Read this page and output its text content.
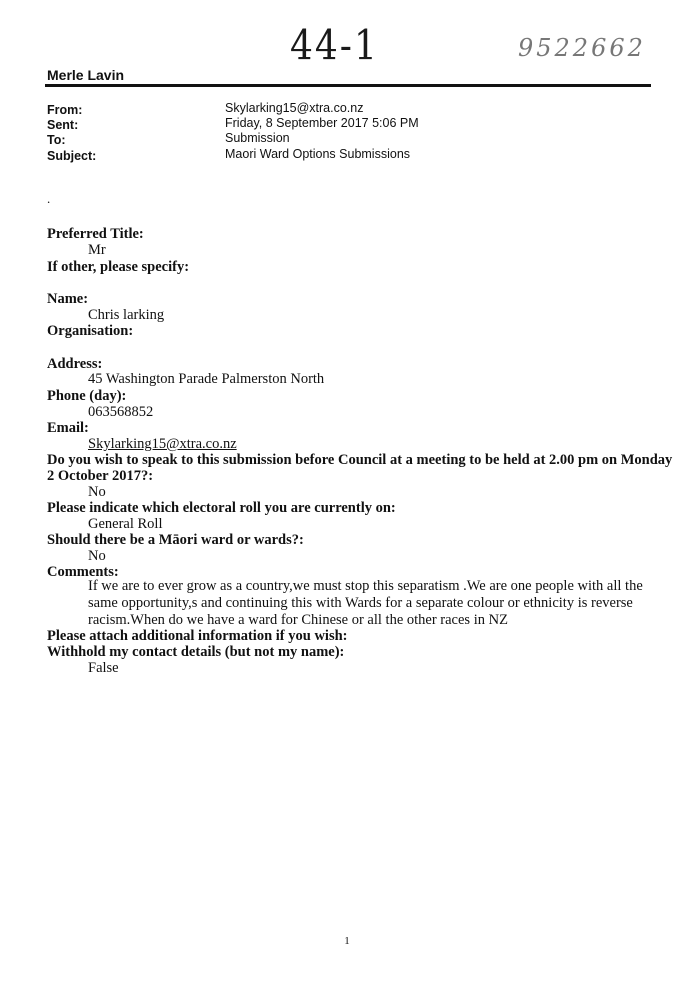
44-1	9522662
Merle Lavin
From:	Skylarking15@xtra.co.nz
Sent:	Friday, 8 September 2017 5:06 PM
To:	Submission
Subject:	Maori Ward Options Submissions
.
Preferred Title:
Mr
If other, please specify:
Name:
Chris larking
Organisation:
Address:
45 Washington Parade Palmerston North
Phone (day):
063568852
Email:
Skylarking15@xtra.co.nz
Do you wish to speak to this submission before Council at a meeting to be held at 2.00 pm on Monday
2 October 2017?:
No
Please indicate which electoral roll you are currently on:
General Roll
Should there be a Māori ward or wards?:
No
Comments:
If we are to ever grow as a country,we must stop this separatism .We are one people with all the same opportunity,s and continuing this with Wards for a separate colour or ethnicity is reverse racism.When do we have a ward for Chinese or all the other races in NZ
Please attach additional information if you wish:
Withhold my contact details (but not my name):
False
1
